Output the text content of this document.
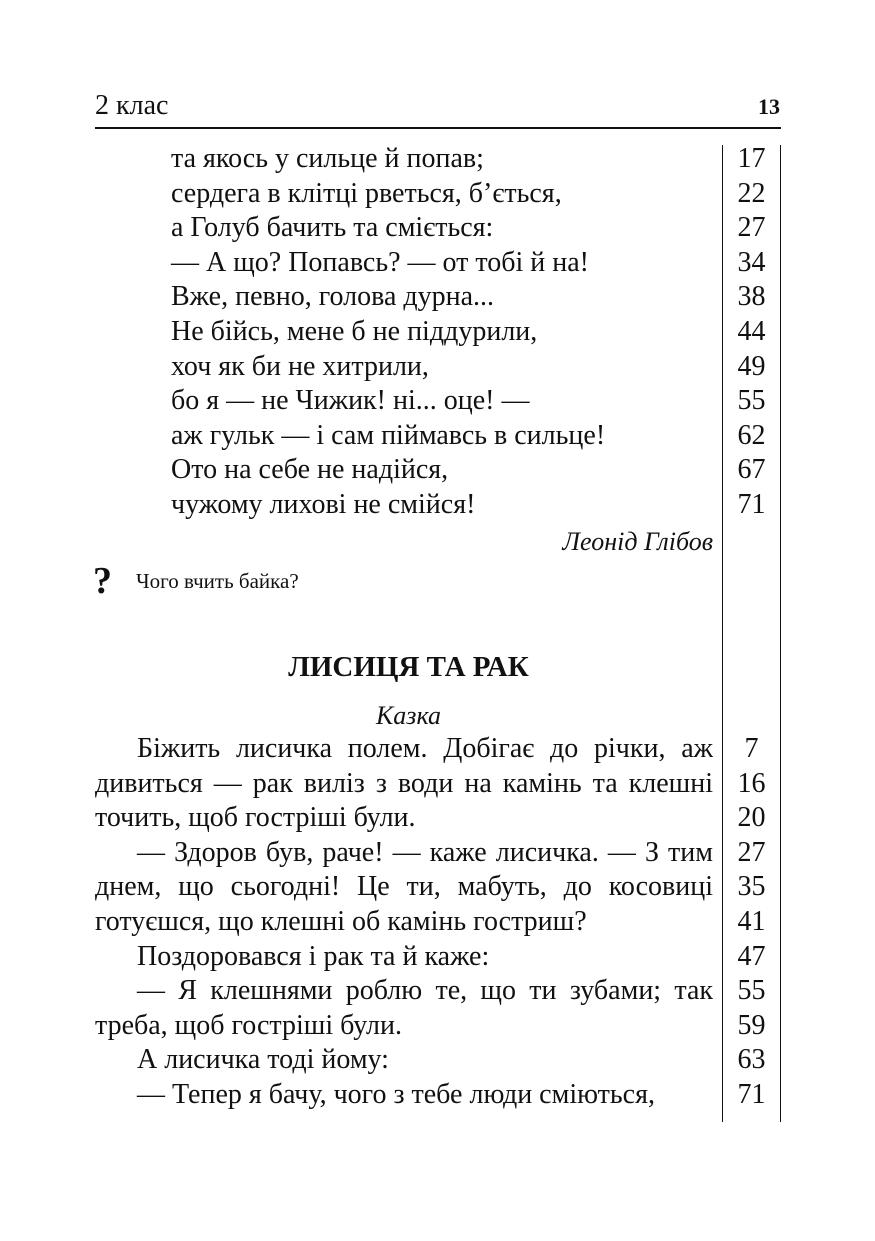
2 клас	13
та якось у сильце й попав;
сердега в клітці рветься, б’ється,
а Голуб бачить та сміється:
— А що? Попавсь? — от тобі й на!
Вже, певно, голова дурна...
Не бійсь, мене б не піддурили,
хоч як би не хитрили,
бо я — не Чижик! ні... оце! —
аж гульк — і сам піймавсь в сильце!
Ото на себе не надійся,
чужому лихові не смійся!
17
22
27
34
38
44
49
55
62
67
71
Леонід Глібов
? Чого вчить байка?
ЛИСИЦЯ ТА РАК
Казка
Біжить лисичка полем. Добігає до річки, аж
дивиться — рак виліз з води на камінь та клешні
точить, щоб гостріші були.
— Здоров був, раче! — каже лисичка. — З тим
днем, що сьогодні! Це ти, мабуть, до косовиці
готуєшся, що клешні об камінь гостриш?
Поздоровався і рак та й каже:
— Я клешнями роблю те, що ти зубами; так
треба, щоб гостріші були.
А лисичка тоді йому:
— Тепер я бачу, чого з тебе люди сміються,
7
16
20
27
35
41
47
55
59
63
71
